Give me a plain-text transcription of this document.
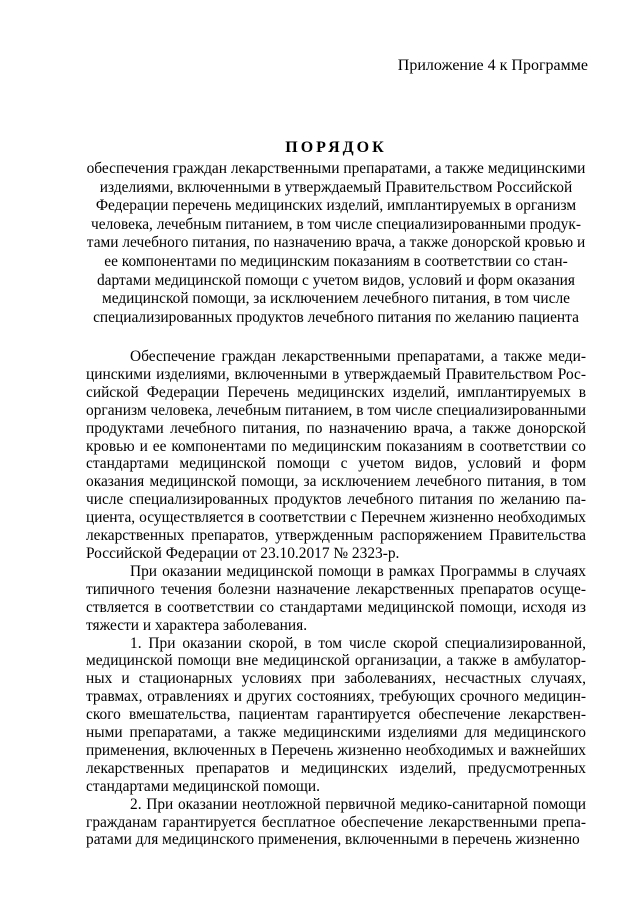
Приложение 4 к Программе
ПОРЯДОК
обеспечения граждан лекарственными препаратами, а также медицинскими изделиями, включенными в утверждаемый Правительством Российской Федерации перечень медицинских изделий, имплантируемых в организм человека, лечебным питанием, в том числе специализированными продуктами лечебного питания, по назначению врача, а также донорской кровью и ее компонентами по медицинским показаниям в соответствии со станdартами медицинской помощи с учетом видов, условий и форм оказания медицинской помощи, за исключением лечебного питания, в том числе специализированных продуктов лечебного питания по желанию пациента

Обеспечение граждан лекарственными препаратами, а также медицинскими изделиями, включенными в утверждаемый Правительством Российской Федерации Перечень медицинских изделий, имплантируемых в организм человека, лечебным питанием, в том числе специализированными продуктами лечебного питания, по назначению врача, а также донорской кровью и ее компонентами по медицинским показаниям в соответствии со стандартами медицинской помощи с учетом видов, условий и форм оказания медицинской помощи, за исключением лечебного питания, в том числе специализированных продуктов лечебного питания по желанию пациента, осуществляется в соответствии с Перечнем жизненно необходимых лекарственных препаратов, утвержденным распоряжением Правительства Российской Федерации от 23.10.2017 № 2323-р.

При оказании медицинской помощи в рамках Программы в случаях типичного течения болезни назначение лекарственных препаратов осуществляется в соответствии со стандартами медицинской помощи, исходя из тяжести и характера заболевания.

1. При оказании скорой, в том числе скорой специализированной, медицинской помощи вне медицинской организации, а также в амбулаторных и стационарных условиях при заболеваниях, несчастных случаях, травмах, отравлениях и других состояниях, требующих срочного медицинского вмешательства, пациентам гарантируется обеспечение лекарственными препаратами, а также медицинскими изделиями для медицинского применения, включенных в Перечень жизненно необходимых и важнейших лекарственных препаратов и медицинских изделий, предусмотренных стандартами медицинской помощи.

2. При оказании неотложной первичной медико-санитарной помощи гражданам гарантируется бесплатное обеспечение лекарственными препаратами для медицинского применения, включенными в перечень жизненно
